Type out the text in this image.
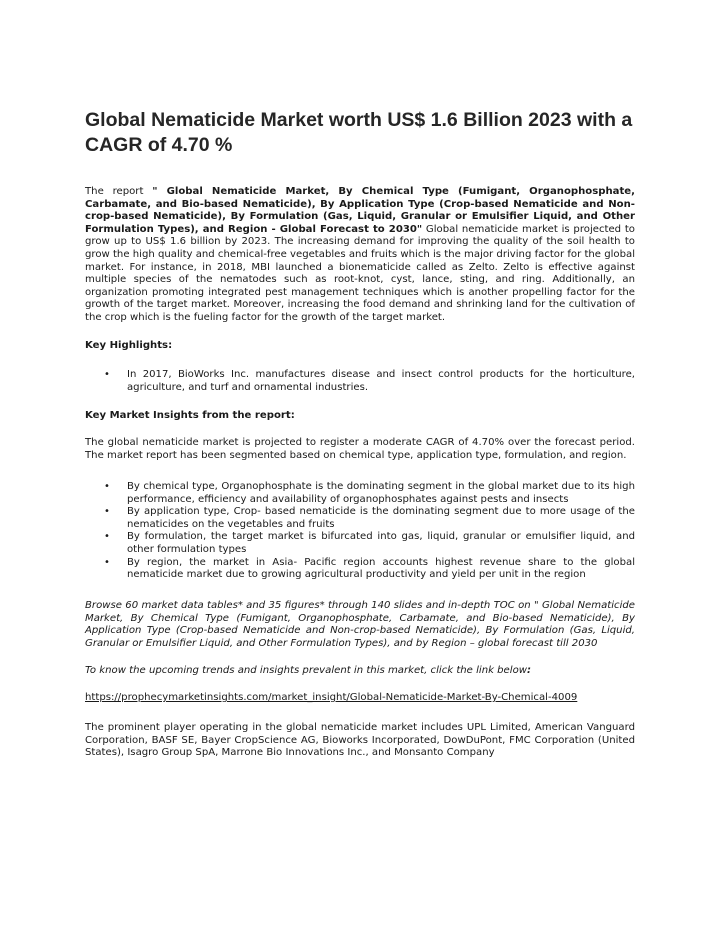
Global Nematicide Market worth US$ 1.6 Billion 2023 with a CAGR of 4.70 %

The report " Global Nematicide Market, By Chemical Type (Fumigant, Organophosphate, Carbamate, and Bio-based Nematicide), By Application Type (Crop-based Nematicide and Non-crop-based Nematicide), By Formulation (Gas, Liquid, Granular or Emulsifier Liquid, and Other Formulation Types), and Region - Global Forecast to 2030" Global nematicide market is projected to grow up to US$ 1.6 billion by 2023. The increasing demand for improving the quality of the soil health to grow the high quality and chemical-free vegetables and fruits which is the major driving factor for the global market. For instance, in 2018, MBI launched a bionematicide called as Zelto. Zelto is effective against multiple species of the nematodes such as root-knot, cyst, lance, sting, and ring. Additionally, an organization promoting integrated pest management techniques which is another propelling factor for the growth of the target market. Moreover, increasing the food demand and shrinking land for the cultivation of the crop which is the fueling factor for the growth of the target market.

Key Highlights:

• In 2017, BioWorks Inc. manufactures disease and insect control products for the horticulture, agriculture, and turf and ornamental industries.

Key Market Insights from the report:

The global nematicide market is projected to register a moderate CAGR of 4.70% over the forecast period. The market report has been segmented based on chemical type, application type, formulation, and region.

• By chemical type, Organophosphate is the dominating segment in the global market due to its high performance, efficiency and availability of organophosphates against pests and insects
• By application type, Crop- based nematicide is the dominating segment due to more usage of the nematicides on the vegetables and fruits
• By formulation, the target market is bifurcated into gas, liquid, granular or emulsifier liquid, and other formulation types
• By region, the market in Asia- Pacific region accounts highest revenue share to the global nematicide market due to growing agricultural productivity and yield per unit in the region

Browse 60 market data tables* and 35 figures* through 140 slides and in-depth TOC on " Global Nematicide Market, By Chemical Type (Fumigant, Organophosphate, Carbamate, and Bio-based Nematicide), By Application Type (Crop-based Nematicide and Non-crop-based Nematicide), By Formulation (Gas, Liquid, Granular or Emulsifier Liquid, and Other Formulation Types), and by Region – global forecast till 2030

To know the upcoming trends and insights prevalent in this market, click the link below:

https://prophecymarketinsights.com/market_insight/Global-Nematicide-Market-By-Chemical-4009

The prominent player operating in the global nematicide market includes UPL Limited, American Vanguard Corporation, BASF SE, Bayer CropScience AG, Bioworks Incorporated, DowDuPont, FMC Corporation (United States), Isagro Group SpA, Marrone Bio Innovations Inc., and Monsanto Company
